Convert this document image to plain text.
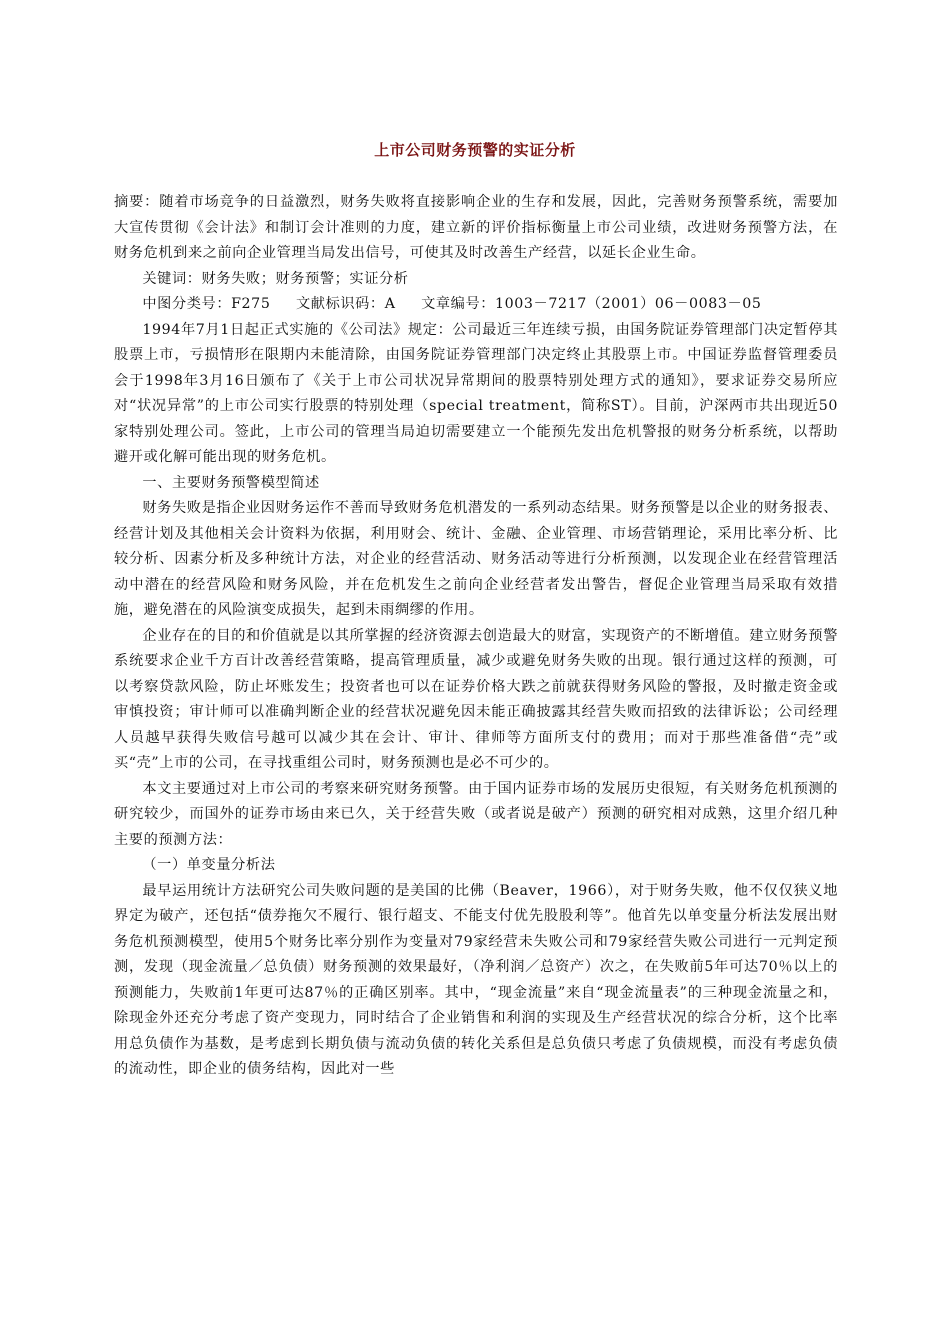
上市公司财务预警的实证分析

摘要：随着市场竞争的日益激烈，财务失败将直接影响企业的生存和发展，因此，完善财务预警系统，需要加大宣传贯彻《会计法》和制订会计准则的力度，建立新的评价指标衡量上市公司业绩，改进财务预警方法，在财务危机到来之前向企业管理当局发出信号，可使其及时改善生产经营，以延长企业生命。

关键词：财务失败；财务预警；实证分析

中图分类号：F275     文献标识码：A     文章编号：1003－7217（2001）06－0083－05

1994年7月1日起正式实施的《公司法》规定：公司最近三年连续亏损，由国务院证券管理部门决定暂停其股票上市，亏损情形在限期内未能清除，由国务院证券管理部门决定终止其股票上市。中国证券监督管理委员会于1998年3月16日颁布了《关于上市公司状况异常期间的股票特别处理方式的通知》，要求证券交易所应对“状况异常”的上市公司实行股票的特别处理（special treatment，简称ST）。目前，沪深两市共出现近50家特别处理公司。签此，上市公司的管理当局迫切需要建立一个能预先发出危机警报的财务分析系统，以帮助避开或化解可能出现的财务危机。

一、主要财务预警模型简述

财务失败是指企业因财务运作不善而导致财务危机潜发的一系列动态结果。财务预警是以企业的财务报表、经营计划及其他相关会计资料为依据，利用财会、统计、金融、企业管理、市场营销理论，采用比率分析、比较分析、因素分析及多种统计方法，对企业的经营活动、财务活动等进行分析预测，以发现企业在经营管理活动中潜在的经营风险和财务风险，并在危机发生之前向企业经营者发出警告，督促企业管理当局采取有效措施，避免潜在的风险演变成损失，起到未雨绸缪的作用。

企业存在的目的和价值就是以其所掌握的经济资源去创造最大的财富，实现资产的不断增值。建立财务预警系统要求企业千方百计改善经营策略，提高管理质量，减少或避免财务失败的出现。银行通过这样的预测，可以考察贷款风险，防止坏账发生；投资者也可以在证券价格大跌之前就获得财务风险的警报，及时撤走资金或审慎投资；审计师可以准确判断企业的经营状况避免因未能正确披露其经营失败而招致的法律诉讼；公司经理人员越早获得失败信号越可以减少其在会计、审计、律师等方面所支付的费用；而对于那些准备借“壳”或买“壳”上市的公司，在寻找重组公司时，财务预测也是必不可少的。

本文主要通过对上市公司的考察来研究财务预警。由于国内证券市场的发展历史很短，有关财务危机预测的研究较少，而国外的证券市场由来已久，关于经营失败（或者说是破产）预测的研究相对成熟，这里介绍几种主要的预测方法：

（一）单变量分析法

最早运用统计方法研究公司失败问题的是美国的比佛（Beaver，1966），对于财务失败，他不仅仅狭义地界定为破产，还包括“债券拖欠不履行、银行超支、不能支付优先股股利等”。他首先以单变量分析法发展出财务危机预测模型，使用5个财务比率分别作为变量对79家经营未失败公司和79家经营失败公司进行一元判定预测，发现（现金流量／总负债）财务预测的效果最好，（净利润／总资产）次之，在失败前5年可达70％以上的预测能力，失败前1年更可达87％的正确区别率。其中，“现金流量”来自“现金流量表”的三种现金流量之和，除现金外还充分考虑了资产变现力，同时结合了企业销售和利润的实现及生产经营状况的综合分析，这个比率用总负债作为基数，是考虑到长期负债与流动负债的转化关系但是总负债只考虑了负债规模，而没有考虑负债的流动性，即企业的债务结构，因此对一些
